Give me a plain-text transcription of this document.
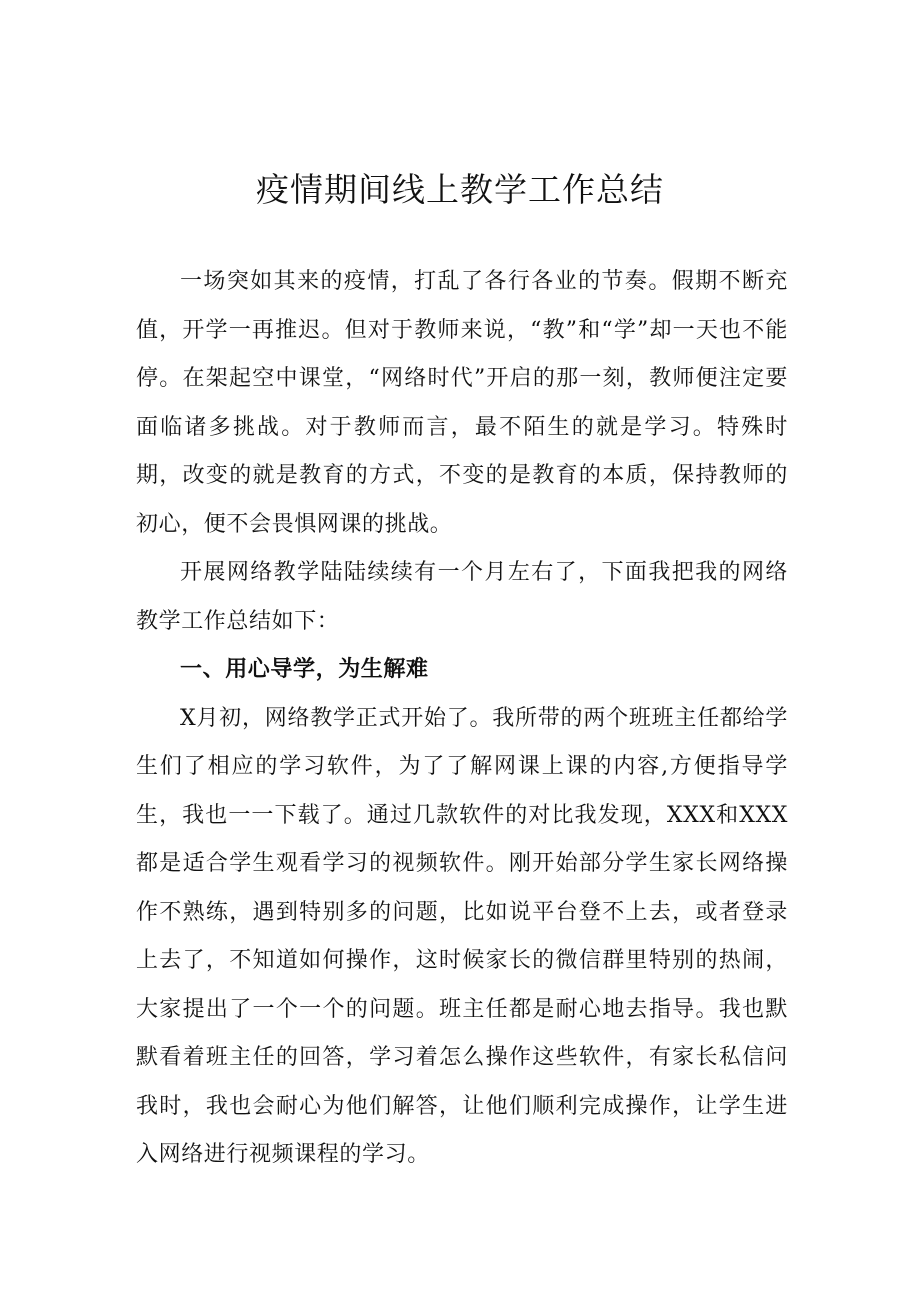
疫情期间线上教学工作总结

一场突如其来的疫情，打乱了各行各业的节奏。假期不断充值，开学一再推迟。但对于教师来说，“教”和“学”却一天也不能停。在架起空中课堂，“网络时代”开启的那一刻，教师便注定要面临诸多挑战。对于教师而言，最不陌生的就是学习。特殊时期，改变的就是教育的方式，不变的是教育的本质，保持教师的初心，便不会畏惧网课的挑战。

开展网络教学陆陆续续有一个月左右了，下面我把我的网络教学工作总结如下：

一、用心导学，为生解难

X月初，网络教学正式开始了。我所带的两个班班主任都给学生们了相应的学习软件，为了了解网课上课的内容,方便指导学生，我也一一下载了。通过几款软件的对比我发现，XXX和XXX都是适合学生观看学习的视频软件。刚开始部分学生家长网络操作不熟练，遇到特别多的问题，比如说平台登不上去，或者登录上去了，不知道如何操作，这时候家长的微信群里特别的热闹，大家提出了一个一个的问题。班主任都是耐心地去指导。我也默默看着班主任的回答，学习着怎么操作这些软件，有家长私信问我时，我也会耐心为他们解答，让他们顺利完成操作，让学生进入网络进行视频课程的学习。
